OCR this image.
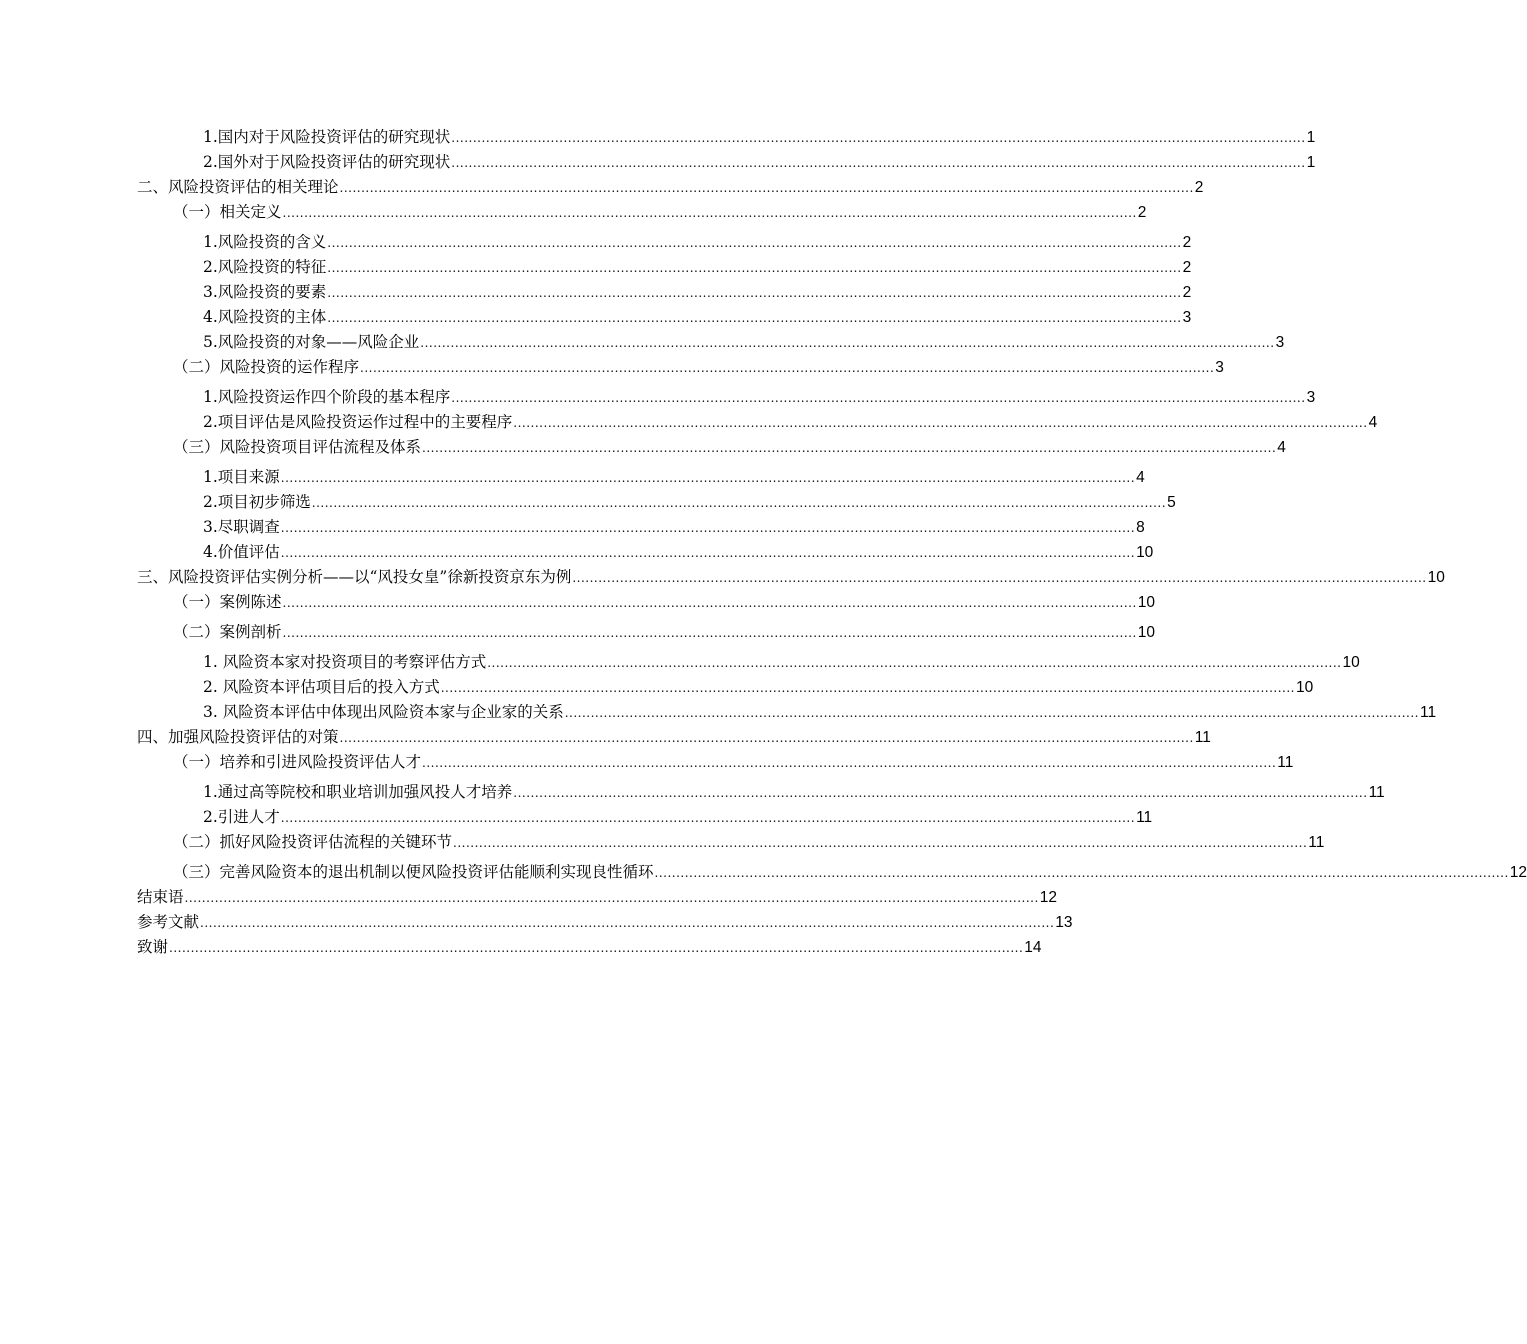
1.国内对于风险投资评估的研究现状 ...................................................................................................................................................................................................... 1
2.国外对于风险投资评估的研究现状 ...................................................................................................................................................................................................... 1
二、风险投资评估的相关理论 ...................................................................................................................................................................................................... 2
（一）相关定义 ...................................................................................................................................................................................................... 2
1.风险投资的含义 ...................................................................................................................................................................................................... 2
2.风险投资的特征 ...................................................................................................................................................................................................... 2
3.风险投资的要素 ...................................................................................................................................................................................................... 2
4.风险投资的主体 ...................................................................................................................................................................................................... 3
5.风险投资的对象——风险企业 ...................................................................................................................................................................................................... 3
（二）风险投资的运作程序 ...................................................................................................................................................................................................... 3
1.风险投资运作四个阶段的基本程序 ...................................................................................................................................................................................................... 3
2.项目评估是风险投资运作过程中的主要程序 ...................................................................................................................................................................................................... 4
（三）风险投资项目评估流程及体系 ...................................................................................................................................................................................................... 4
1.项目来源 ...................................................................................................................................................................................................... 4
2.项目初步筛选 ...................................................................................................................................................................................................... 5
3.尽职调查 ...................................................................................................................................................................................................... 8
4.价值评估 ...................................................................................................................................................................................................... 10
三、风险投资评估实例分析——以“风投女皇”徐新投资京东为例 ...................................................................................................................................................................................................... 10
（一）案例陈述 ...................................................................................................................................................................................................... 10
（二）案例剖析 ...................................................................................................................................................................................................... 10
1. 风险资本家对投资项目的考察评估方式 ...................................................................................................................................................................................................... 10
2. 风险资本评估项目后的投入方式 ...................................................................................................................................................................................................... 10
3. 风险资本评估中体现出风险资本家与企业家的关系 ...................................................................................................................................................................................................... 11
四、加强风险投资评估的对策 ...................................................................................................................................................................................................... 11
（一）培养和引进风险投资评估人才 ...................................................................................................................................................................................................... 11
1.通过高等院校和职业培训加强风投人才培养 ...................................................................................................................................................................................................... 11
2.引进人才 ...................................................................................................................................................................................................... 11
（二）抓好风险投资评估流程的关键环节 ...................................................................................................................................................................................................... 11
（三）完善风险资本的退出机制以便风险投资评估能顺利实现良性循环 ...................................................................................................................................................................................................... 12
结束语 ...................................................................................................................................................................................................... 12
参考文献 ...................................................................................................................................................................................................... 13
致谢 ...................................................................................................................................................................................................... 14
